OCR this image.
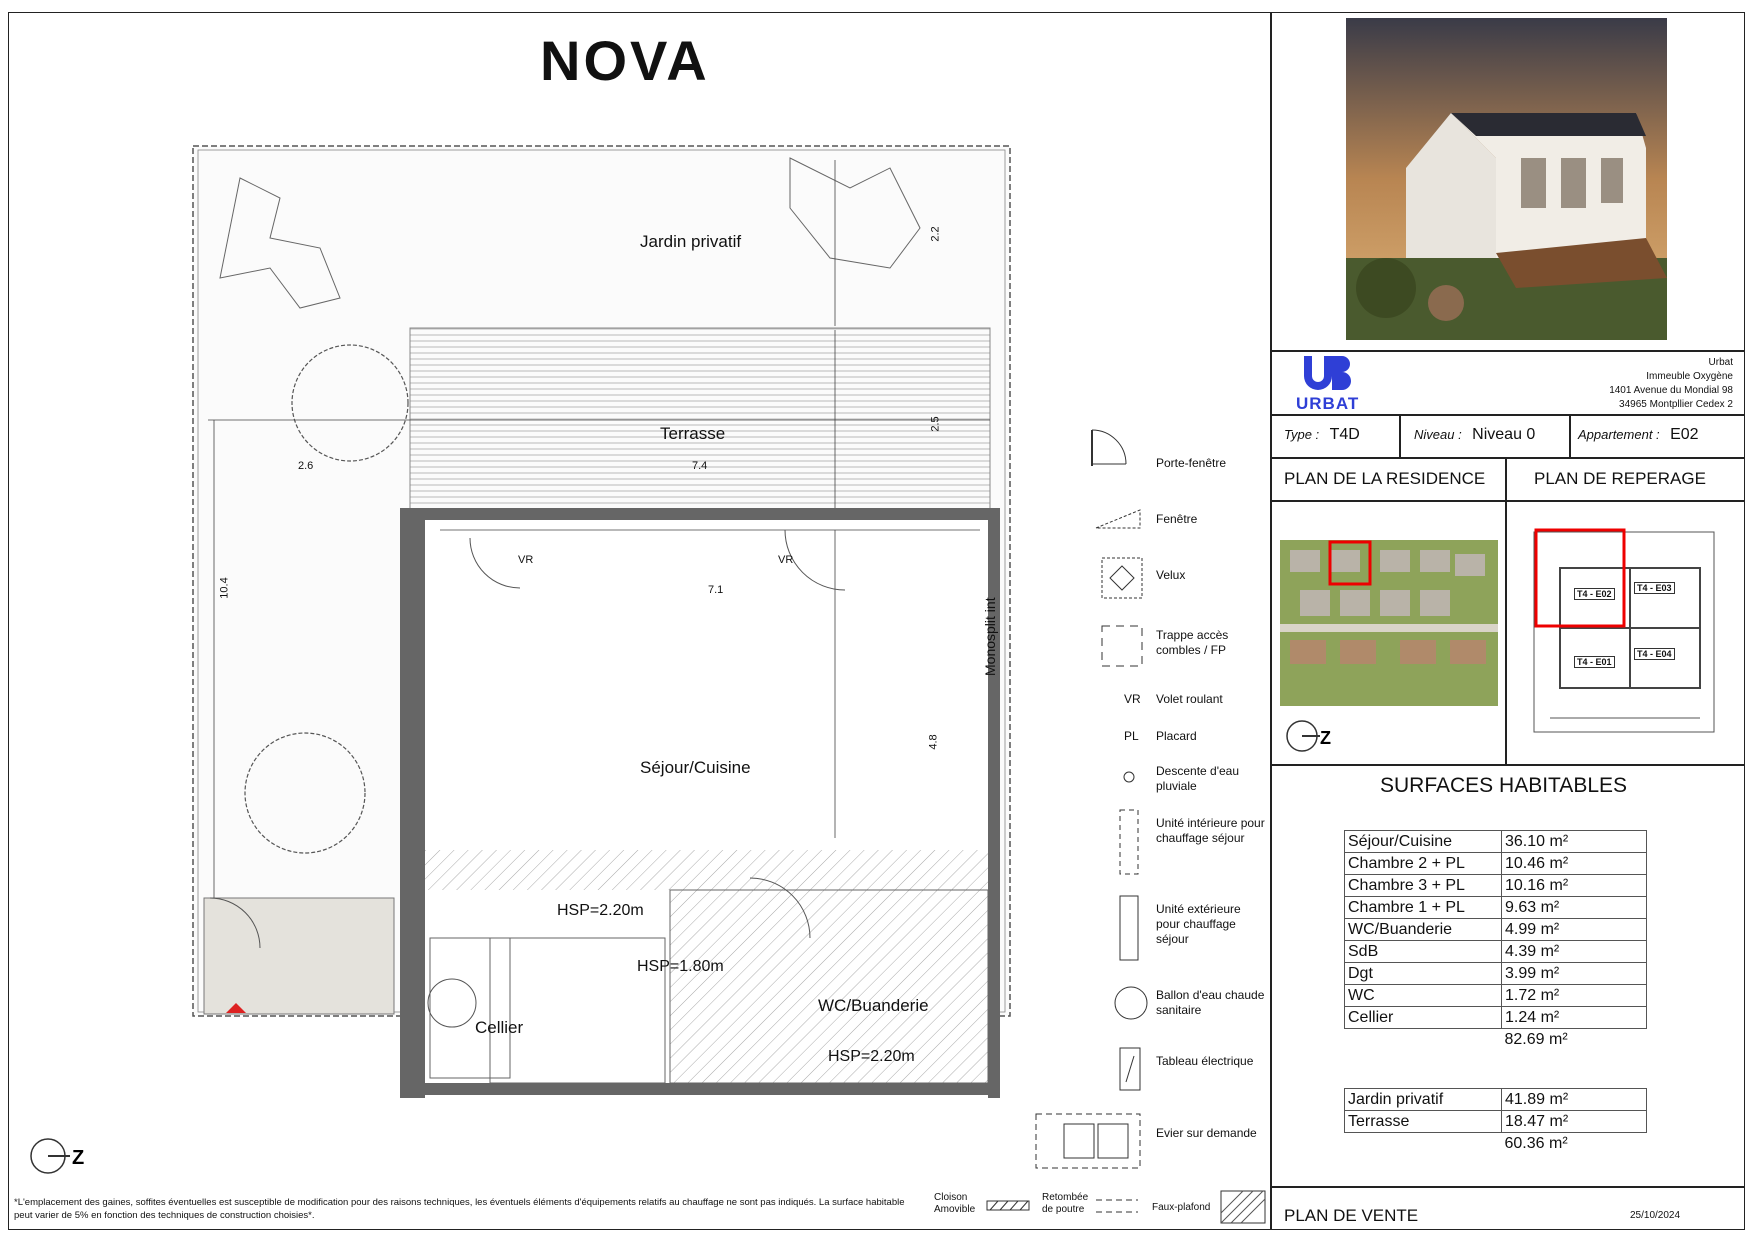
NOVA
Jardin privatif
Terrasse
Séjour/Cuisine
Cellier
WC/Buanderie
HSP=2.20m
HSP=1.80m
HSP=2.20m
2.2
2.5
2.6	7.4
10.4	7.1
4.8
VR	VR
Monosplit int
Porte-fenêtre
Fenêtre
Velux
Trappe accès combles / FP
VR Volet roulant
PL Placard
Descente d'eau pluviale
Unité intérieure pour chauffage séjour
Unité extérieure pour chauffage séjour
Ballon d'eau chaude sanitaire
Tableau électrique
Evier sur demande
Z
*L'emplacement des gaines, soffites éventuelles est susceptible de modification pour des raisons techniques, les éventuels éléments d'équipements relatifs au chauffage ne sont pas indiqués. La surface habitable peut varier de 5% en fonction des techniques de construction choisies*.
Cloison Amovible
Retombée de poutre	Faux-plafond
URBAT
Urbat
Immeuble Oxygène
1401 Avenue du Mondial 98
34965 Montpllier Cedex 2
Type : T4D	Niveau : Niveau 0	Appartement : E02
PLAN DE LA RESIDENCE	PLAN DE REPERAGE
Z
T4 - E02
T4 - E03
T4 - E01
T4 - E04
SURFACES HABITABLES
Séjour/Cuisine	36.10 m²
Chambre 2 + PL	10.46 m²
Chambre 3 + PL	10.16 m²
Chambre 1 + PL	9.63 m²
WC/Buanderie	4.99 m²
SdB	4.39 m²
Dgt	3.99 m²
WC	1.72 m²
Cellier	1.24 m²
	82.69 m²
Jardin privatif	41.89 m²
Terrasse	18.47 m²
	60.36 m²
PLAN DE VENTE	25/10/2024
